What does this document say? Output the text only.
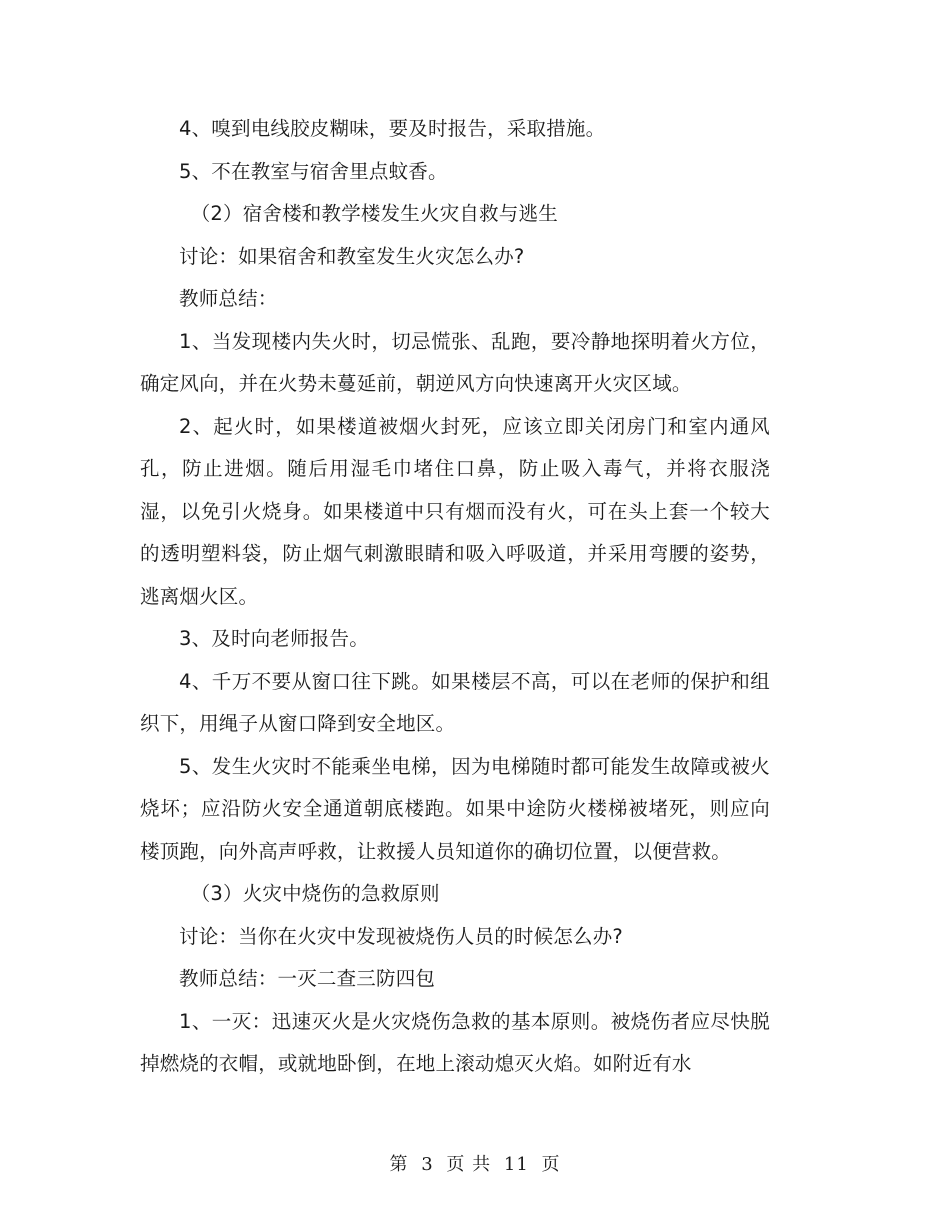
4、嗅到电线胶皮糊味，要及时报告，采取措施。

5、不在教室与宿舍里点蚊香。

（2）宿舍楼和教学楼发生火灾自救与逃生

讨论：如果宿舍和教室发生火灾怎么办?

教师总结：

1、当发现楼内失火时，切忌慌张、乱跑，要冷静地探明着火方位，确定风向，并在火势未蔓延前，朝逆风方向快速离开火灾区域。

2、起火时，如果楼道被烟火封死，应该立即关闭房门和室内通风孔，防止进烟。随后用湿毛巾堵住口鼻，防止吸入毒气，并将衣服浇湿，以免引火烧身。如果楼道中只有烟而没有火，可在头上套一个较大的透明塑料袋，防止烟气刺激眼睛和吸入呼吸道，并采用弯腰的姿势，逃离烟火区。

3、及时向老师报告。

4、千万不要从窗口往下跳。如果楼层不高，可以在老师的保护和组织下，用绳子从窗口降到安全地区。

5、发生火灾时不能乘坐电梯，因为电梯随时都可能发生故障或被火烧坏；应沿防火安全通道朝底楼跑。如果中途防火楼梯被堵死，则应向楼顶跑，向外高声呼救，让救援人员知道你的确切位置，以便营救。

（3）火灾中烧伤的急救原则

讨论：当你在火灾中发现被烧伤人员的时候怎么办?

教师总结：一灭二查三防四包

1、一灭：迅速灭火是火灾烧伤急救的基本原则。被烧伤者应尽快脱掉燃烧的衣帽，或就地卧倒，在地上滚动熄灭火焰。如附近有水

第 3 页 共 11 页
